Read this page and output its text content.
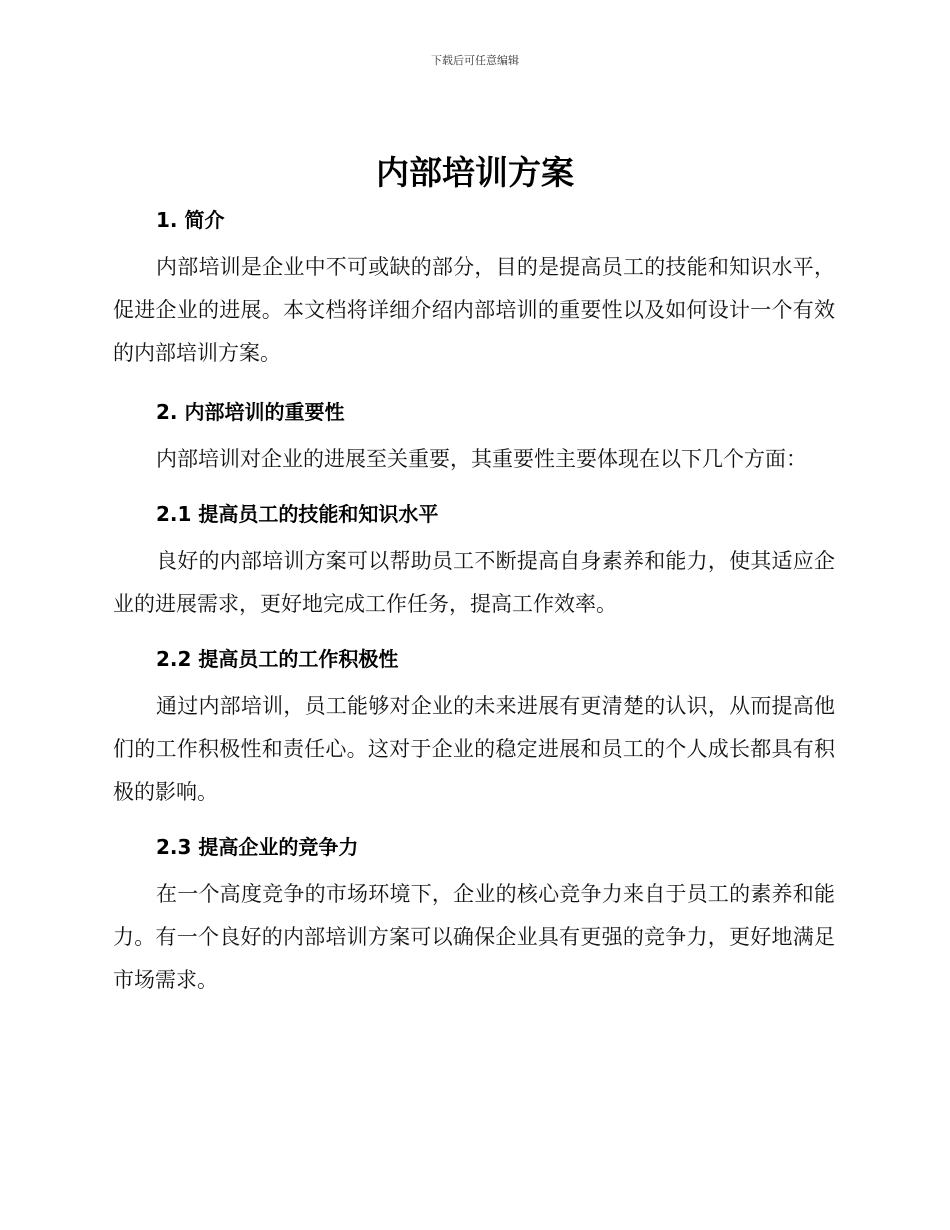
下载后可任意编辑
内部培训方案
1. 简介

内部培训是企业中不可或缺的部分，目的是提高员工的技能和知识水平，促进企业的进展。本文档将详细介绍内部培训的重要性以及如何设计一个有效的内部培训方案。

2. 内部培训的重要性

内部培训对企业的进展至关重要，其重要性主要体现在以下几个方面：

2.1 提高员工的技能和知识水平

良好的内部培训方案可以帮助员工不断提高自身素养和能力，使其适应企业的进展需求，更好地完成工作任务，提高工作效率。

2.2 提高员工的工作积极性

通过内部培训，员工能够对企业的未来进展有更清楚的认识，从而提高他们的工作积极性和责任心。这对于企业的稳定进展和员工的个人成长都具有积极的影响。

2.3 提高企业的竞争力

在一个高度竞争的市场环境下，企业的核心竞争力来自于员工的素养和能力。有一个良好的内部培训方案可以确保企业具有更强的竞争力，更好地满足市场需求。
